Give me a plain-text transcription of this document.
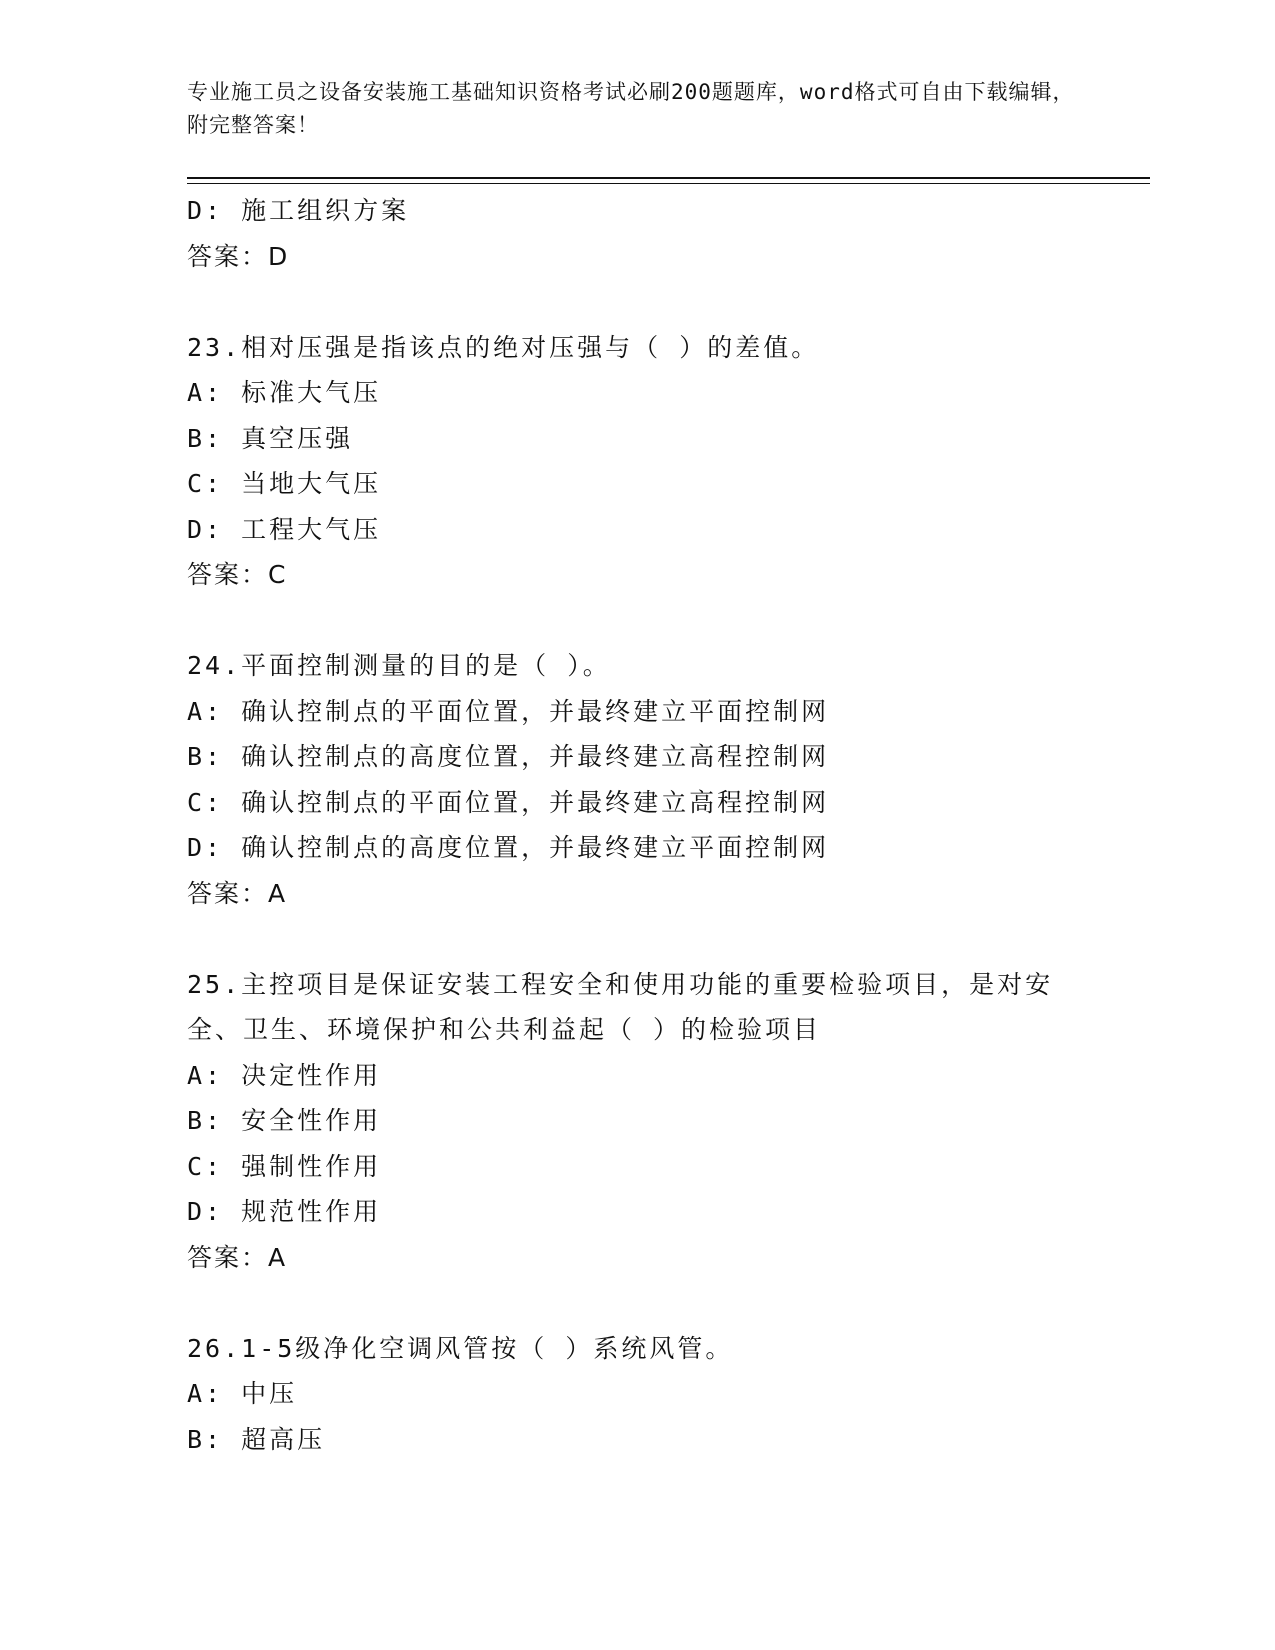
专业施工员之设备安装施工基础知识资格考试必刷200题题库，word格式可自由下载编辑，附完整答案！
D: 施工组织方案
答案：D
23.相对压强是指该点的绝对压强与（ ）的差值。
A: 标准大气压
B: 真空压强
C: 当地大气压
D: 工程大气压
答案：C
24.平面控制测量的目的是（ ）。
A: 确认控制点的平面位置，并最终建立平面控制网
B: 确认控制点的高度位置，并最终建立高程控制网
C: 确认控制点的平面位置，并最终建立高程控制网
D: 确认控制点的高度位置，并最终建立平面控制网
答案：A
25.主控项目是保证安装工程安全和使用功能的重要检验项目，是对安
全、卫生、环境保护和公共利益起（ ）的检验项目
A: 决定性作用
B: 安全性作用
C: 强制性作用
D: 规范性作用
答案：A
26.1-5级净化空调风管按（ ）系统风管。
A: 中压
B: 超高压
